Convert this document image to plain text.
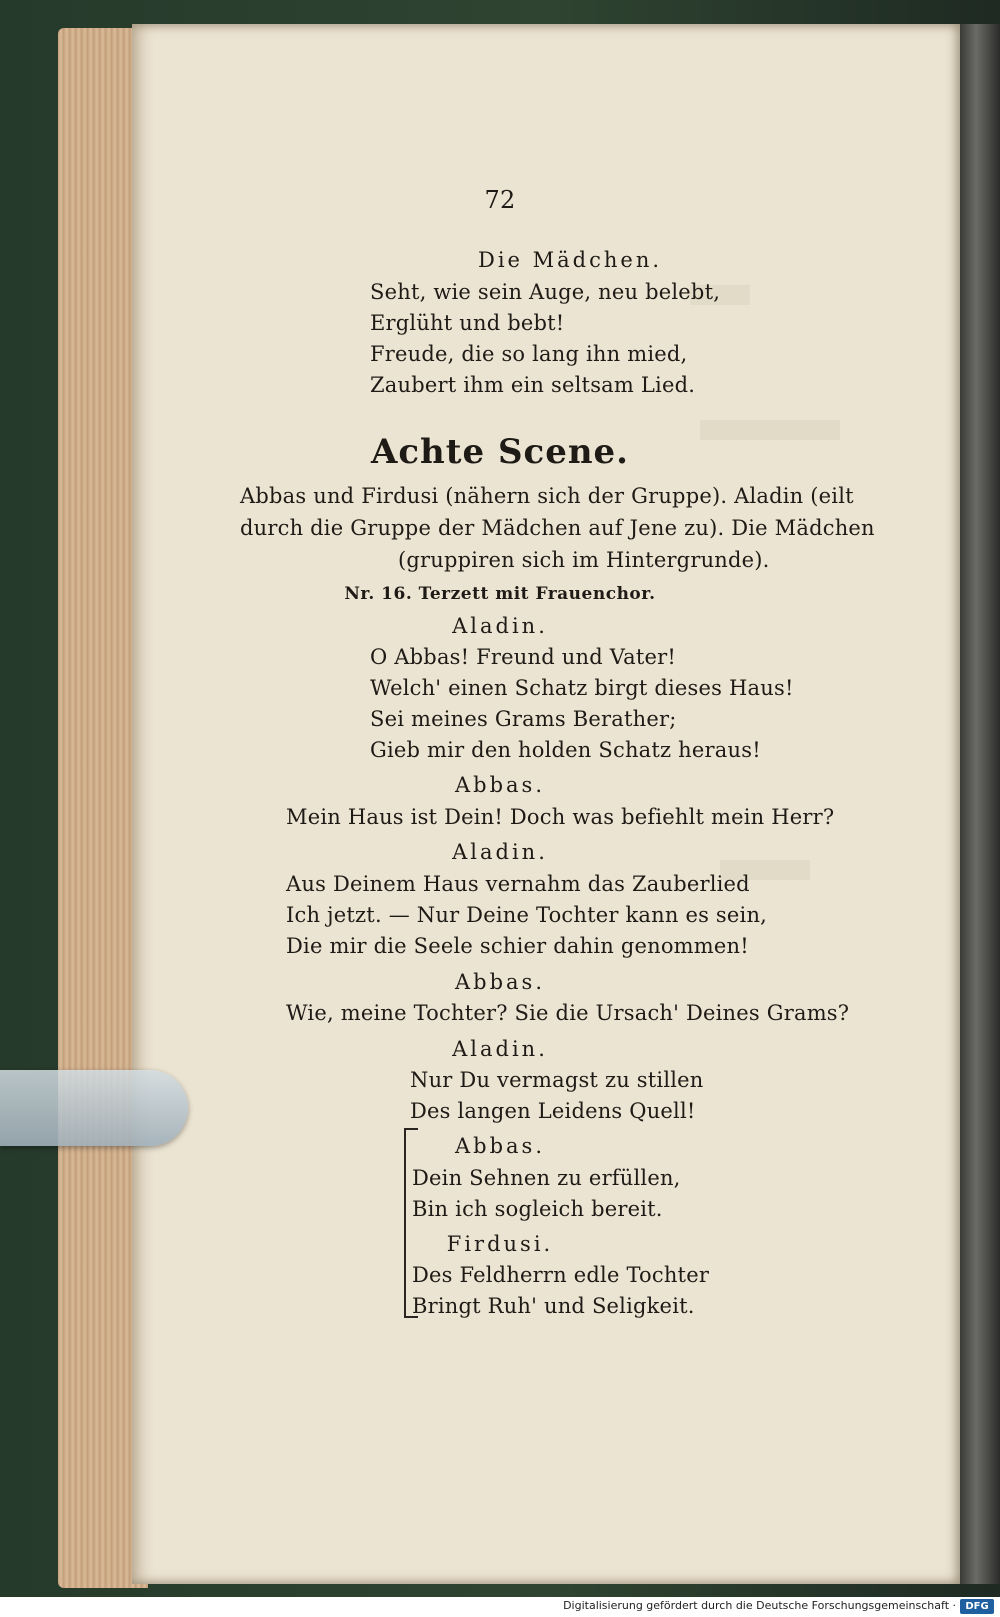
72
Die Mädchen.
Seht, wie sein Auge, neu belebt,
Erglüht und bebt!
Freude, die so lang ihn mied,
Zaubert ihm ein seltsam Lied.
Achte Scene.
Abbas und Firdusi (nähern sich der Gruppe). Aladin (eilt
durch die Gruppe der Mädchen auf Jene zu). Die Mädchen
(gruppiren sich im Hintergrunde).
Nr. 16. Terzett mit Frauenchor.
Aladin.
O Abbas! Freund und Vater!
Welch' einen Schatz birgt dieses Haus!
Sei meines Grams Berather;
Gieb mir den holden Schatz heraus!
Abbas.
Mein Haus ist Dein! Doch was befiehlt mein Herr?
Aladin.
Aus Deinem Haus vernahm das Zauberlied
Ich jetzt. — Nur Deine Tochter kann es sein,
Die mir die Seele schier dahin genommen!
Abbas.
Wie, meine Tochter? Sie die Ursach' Deines Grams?
Aladin.
Nur Du vermagst zu stillen
Des langen Leidens Quell!
Abbas.
Dein Sehnen zu erfüllen,
Bin ich sogleich bereit.
Firdusi.
Des Feldherrn edle Tochter
Bringt Ruh' und Seligkeit.
Digitalisierung gefördert durch die Deutsche Forschungsgemeinschaft · DFG
